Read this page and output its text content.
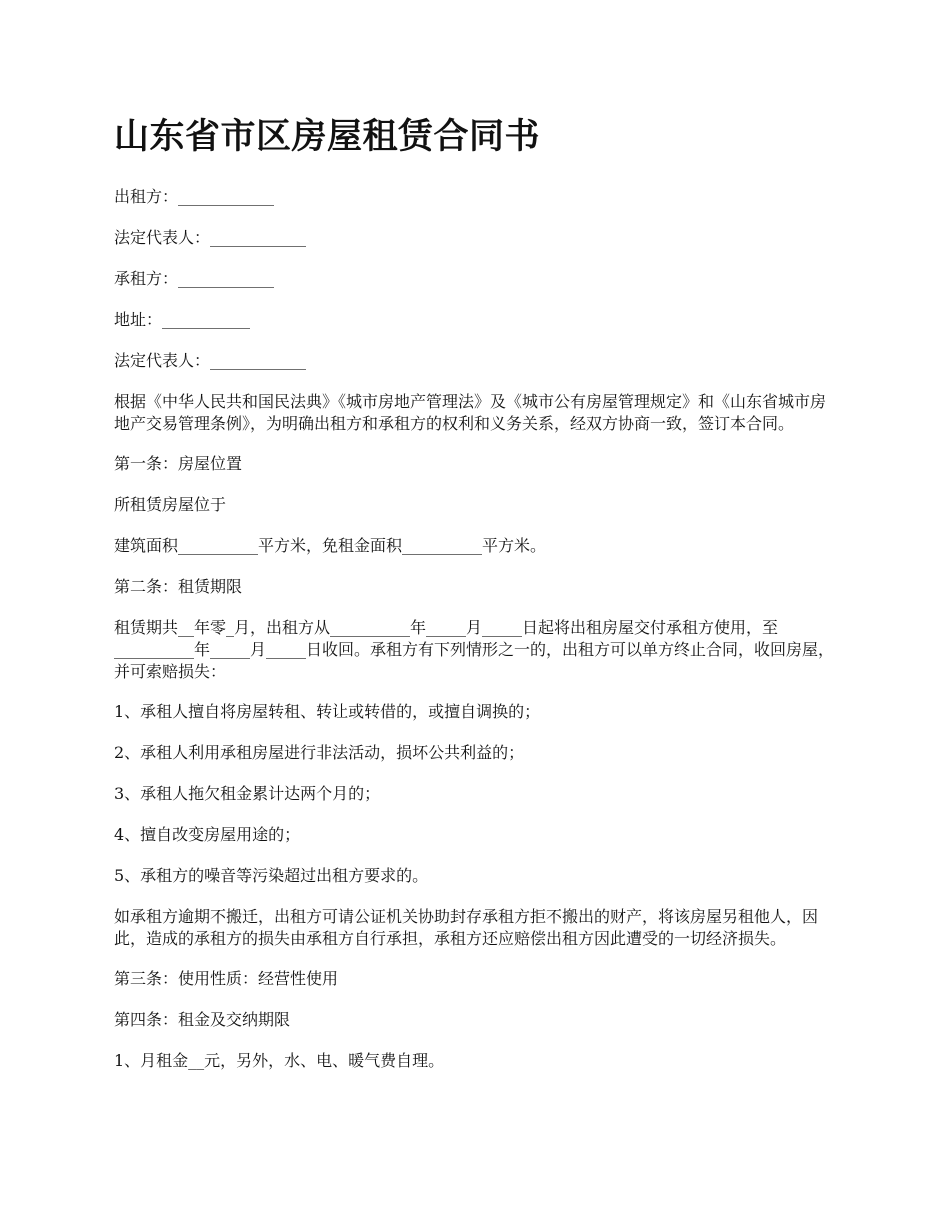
山东省市区房屋租赁合同书

出租方：____________

法定代表人：____________

承租方：____________

地址：___________

法定代表人：____________

根据《中华人民共和国民法典》《城市房地产管理法》及《城市公有房屋管理规定》和《山东省城市房地产交易管理条例》，为明确出租方和承租方的权利和义务关系，经双方协商一致，签订本合同。

第一条：房屋位置

所租赁房屋位于

建筑面积__________平方米，免租金面积__________平方米。

第二条：租赁期限

租赁期共__年零_月，出租方从__________年_____月_____日起将出租房屋交付承租方使用，至__________年_____月_____日收回。承租方有下列情形之一的，出租方可以单方终止合同，收回房屋，并可索赔损失：

1、承租人擅自将房屋转租、转让或转借的，或擅自调换的；

2、承租人利用承租房屋进行非法活动，损坏公共利益的；

3、承租人拖欠租金累计达两个月的；

4、擅自改变房屋用途的；

5、承租方的噪音等污染超过出租方要求的。

如承租方逾期不搬迁，出租方可请公证机关协助封存承租方拒不搬出的财产，将该房屋另租他人，因此，造成的承租方的损失由承租方自行承担，承租方还应赔偿出租方因此遭受的一切经济损失。

第三条：使用性质：经营性使用

第四条：租金及交纳期限

1、月租金__元，另外，水、电、暖气费自理。
